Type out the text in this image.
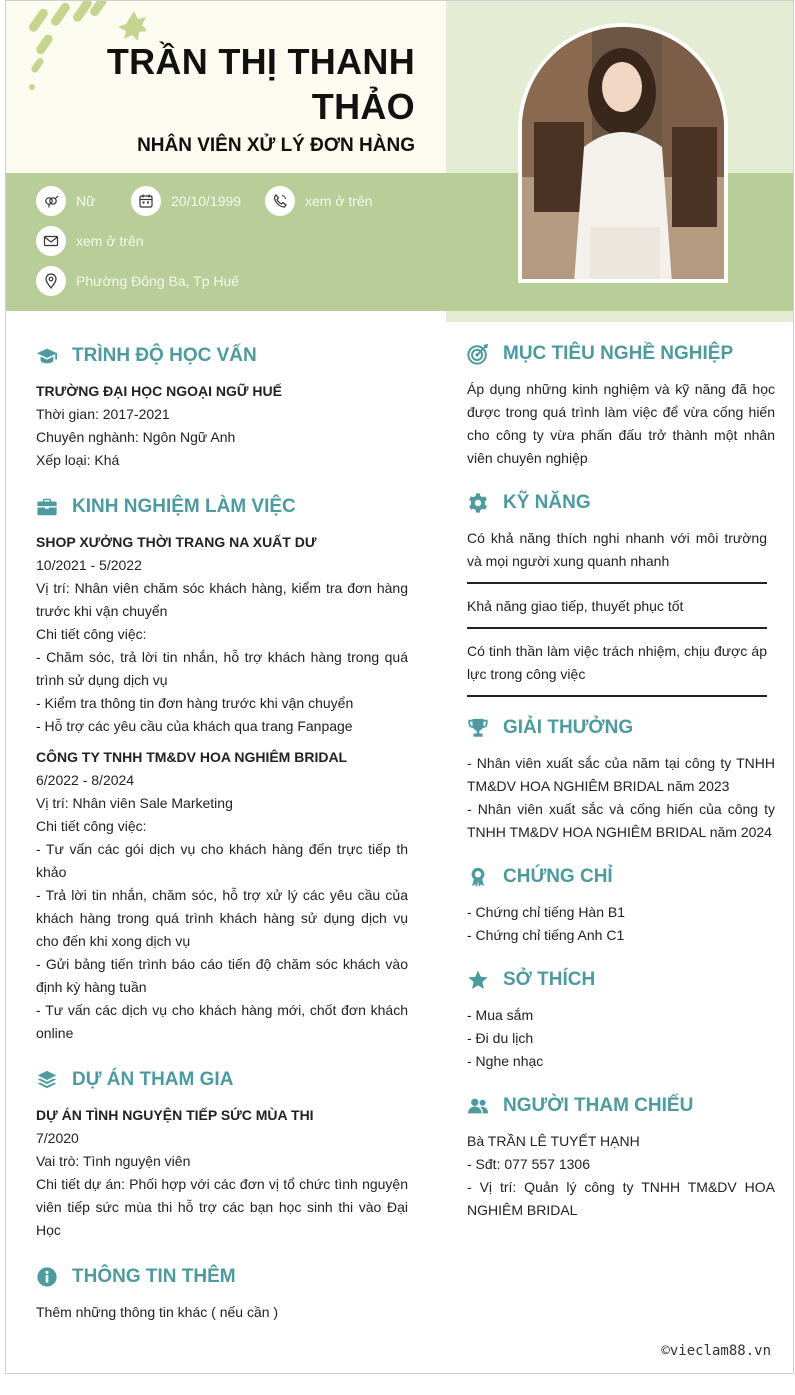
TRẦN THỊ THANH THẢO
NHÂN VIÊN XỬ LÝ ĐƠN HÀNG
Nữ	20/10/1999	xem ở trên
xem ở trên
Phường Đông Ba, Tp Huế
TRÌNH ĐỘ HỌC VẤN
TRƯỜNG ĐẠI HỌC NGOẠI NGỮ HUẾ
Thời gian: 2017-2021
Chuyên nghành: Ngôn Ngữ Anh
Xếp loại: Khá
KINH NGHIỆM LÀM VIỆC
SHOP XƯỞNG THỜI TRANG NA XUẤT DƯ
10/2021 - 5/2022
Vị trí: Nhân viên chăm sóc khách hàng, kiểm tra đơn hàng trước khi vận chuyển
Chi tiết công việc:
- Chăm sóc, trả lời tin nhắn, hỗ trợ khách hàng trong quá trình sử dụng dịch vụ
- Kiểm tra thông tin đơn hàng trước khi vận chuyển
- Hỗ trợ các yêu cầu của khách qua trang Fanpage
CÔNG TY TNHH TM&DV HOA NGHIÊM BRIDAL
6/2022 - 8/2024
Vị trí: Nhân viên Sale Marketing
Chi tiết công việc:
- Tư vấn các gói dịch vụ cho khách hàng đến trực tiếp th khảo
- Trả lời tin nhắn, chăm sóc, hỗ trợ xử lý các yêu cầu của khách hàng trong quá trình khách hàng sử dụng dịch vụ cho đến khi xong dịch vụ
- Gửi bảng tiến trình báo cáo tiến độ chăm sóc khách vào định kỳ hàng tuần
- Tư vấn các dịch vụ cho khách hàng mới, chốt đơn khách online
DỰ ÁN THAM GIA
DỰ ÁN TÌNH NGUYỆN TIẾP SỨC MÙA THI
7/2020
Vai trò: Tình nguyện viên
Chi tiết dự án: Phối hợp với các đơn vị tổ chức tình nguyện viên tiếp sức mùa thi hỗ trợ các bạn học sinh thi vào Đại Học
THÔNG TIN THÊM
Thêm những thông tin khác ( nếu cần )
MỤC TIÊU NGHỀ NGHIỆP
Áp dụng những kinh nghiệm và kỹ năng đã học được trong quá trình làm việc để vừa cống hiến cho công ty vừa phấn đấu trở thành một nhân viên chuyên nghiệp
KỸ NĂNG
Có khả năng thích nghi nhanh với môi trường và mọi người xung quanh nhanh
Khả năng giao tiếp, thuyết phục tốt
Có tinh thần làm việc trách nhiệm, chịu được áp lực trong công việc
GIẢI THƯỞNG
- Nhân viên xuất sắc của năm tại công ty TNHH TM&DV HOA NGHIÊM BRIDAL năm 2023
- Nhân viên xuất sắc và cống hiến của công ty TNHH TM&DV HOA NGHIÊM BRIDAL năm 2024
CHỨNG CHỈ
- Chứng chỉ tiếng Hàn B1
- Chứng chỉ tiếng Anh C1
SỞ THÍCH
- Mua sắm
- Đi du lịch
- Nghe nhạc
NGƯỜI THAM CHIẾU
Bà TRẦN LÊ TUYẾT HẠNH
- Sđt: 077 557 1306
- Vị trí: Quản lý công ty TNHH TM&DV HOA NGHIÊM BRIDAL
©vieclam88.vn
